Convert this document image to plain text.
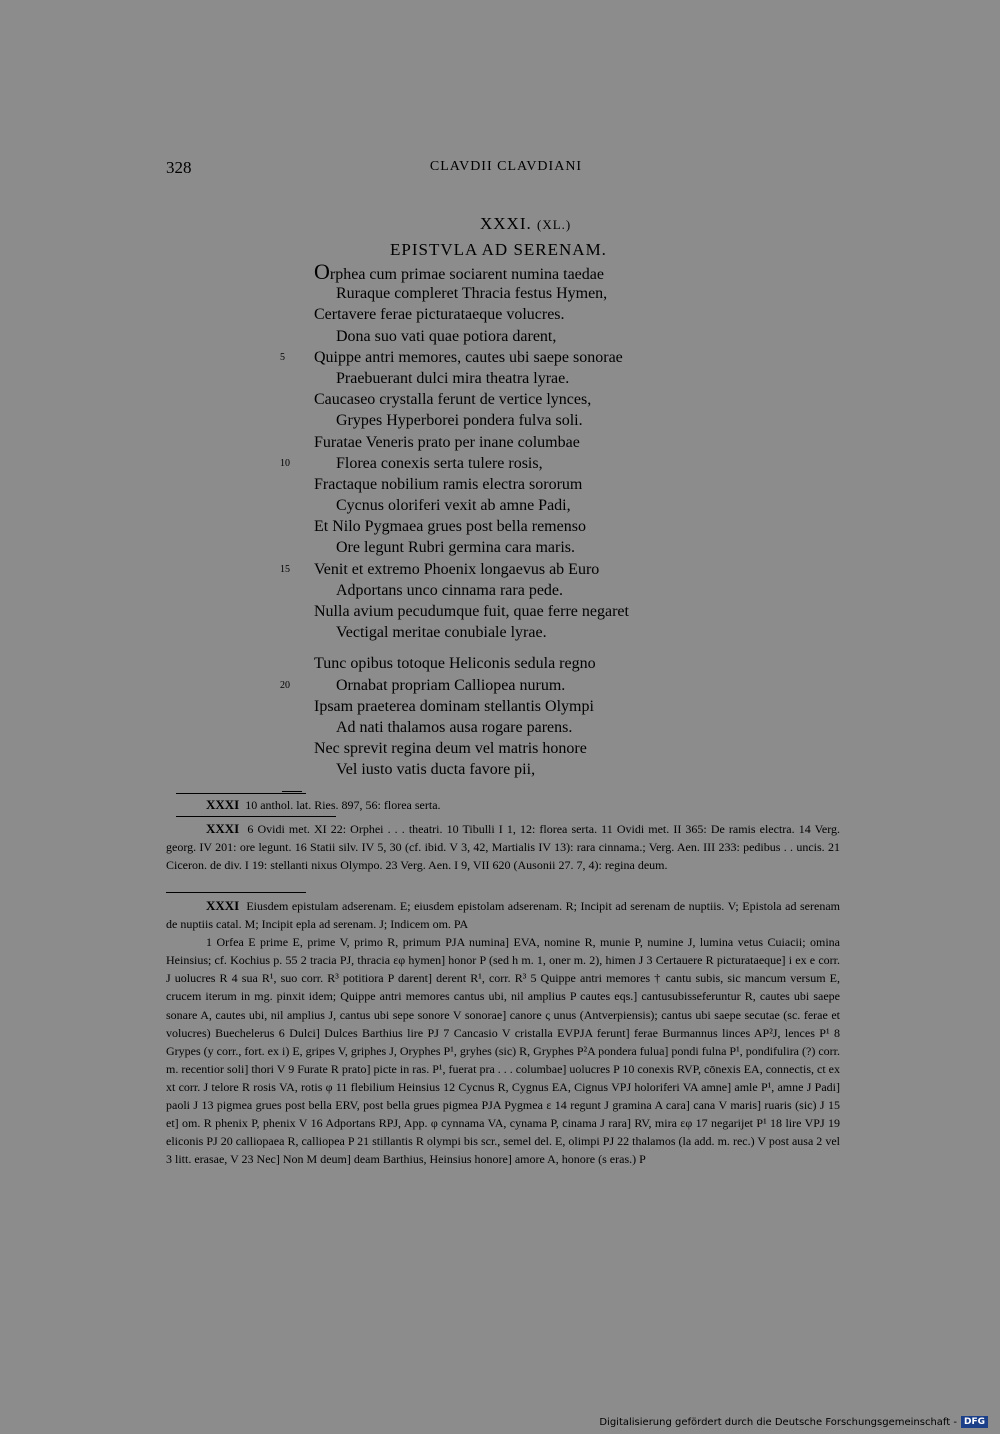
328	CLAVDII CLAVDIANI
XXXI. (XL.)
EPISTVLA AD SERENAM.
Orphea cum primae sociarent numina taedae
Ruraque compleret Thracia festus Hymen,
Certavere ferae picturataeque volucres.
Dona suo vati quae potiora darent,
5	Quippe antri memores, cautes ubi saepe sonorae
Praebuerant dulci mira theatra lyrae.
Caucaseo crystalla ferunt de vertice lynces,
Grypes Hyperborei pondera fulva soli.
Furatae Veneris prato per inane columbae
10	Florea conexis serta tulere rosis,
Fractaque nobilium ramis electra sororum
Cycnus oloriferi vexit ab amne Padi,
Et Nilo Pygmaea grues post bella remenso
Ore legunt Rubri germina cara maris.
15	Venit et extremo Phoenix longaevus ab Euro
Adportans unco cinnama rara pede.
Nulla avium pecudumque fuit, quae ferre negaret
Vectigal meritae conubiale lyrae.
Tunc opibus totoque Heliconis sedula regno
20	Ornabat propriam Calliopea nurum.
Ipsam praeterea dominam stellantis Olympi
Ad nati thalamos ausa rogare parens.
Nec sprevit regina deum vel matris honore
Vel iusto vatis ducta favore pii,

XXXI 10 anthol. lat. Ries. 897, 56: florea serta.

XXXI 6 Ovidi met. XI 22: Orphei . . . theatri. 10 Tibulli I 1, 12: florea serta. 11 Ovidi met. II 365: De ramis electra. 14 Verg. georg. IV 201: ore legunt. 16 Statii silv. IV 5, 30 (cf. ibid. V 3, 42, Martialis IV 13): rara cinnama.; Verg. Aen. III 233: pedibus . . uncis. 21 Ciceron. de div. I 19: stellanti nixus Olympo. 23 Verg. Aen. I 9, VII 620 (Ausonii 27. 7, 4): regina deum.

XXXI Eiusdem epistulam adserenam. E; eiusdem epistolam adserenam. R; Incipit ad serenam de nuptiis. V; Epistola ad serenam de nuptiis catal. M; Incipit epla ad serenam. J; Indicem om. PA

1 Orfea E prime E, prime V, primo R, primum PJA numina] EVA, nomine R, munie P, numine J, lumina vetus Cuiacii; omina Heinsius; cf. Kochius p. 55 2 tracia PJ, thracia εφ hymen] honor P (sed h m. 1, oner m. 2), himen J 3 Certauere R picturataeque] i ex e corr. J uolucres R 4 sua R¹, suo corr. R³ potitiora P darent] derent R¹, corr. R³ 5 Quippe antri memores † cantu subis, sic mancum versum E, crucem iterum in mg. pinxit idem; Quippe antri memores cantus ubi, nil amplius P cautes eqs.] cantusubisseferuntur R, cautes ubi saepe sonare A, cautes ubi, nil amplius J, cantus ubi sepe sonore V sonorae] canore ς unus (Antverpiensis); cantus ubi saepe secutae (sc. ferae et volucres) Buechelerus 6 Dulci] Dulces Barthius lire PJ 7 Cancasio V cristalla EVPJA ferunt] ferae Burmannus linces AP²J, lences P¹ 8 Grypes (y corr., fort. ex i) E, gripes V, griphes J, Oryphes P¹, gryhes (sic) R, Gryphes P²A pondera fulua] pondi fulna P¹, pondifulira (?) corr. m. recentior soli] thori V 9 Furate R prato] picte in ras. P¹, fuerat pra . . . columbae] uolucres P 10 conexis RVP, cōnexis EA, connectis, ct ex xt corr. J telore R rosis VA, rotis φ 11 flebilium Heinsius 12 Cycnus R, Cygnus EA, Cignus VPJ holoriferi VA amne] amle P¹, amne J Padi] paoli J 13 pigmea grues post bella ERV, post bella grues pigmea PJA Pygmea ε 14 regunt J gramina A cara] cana V maris] ruaris (sic) J 15 et] om. R phenix P, phenix V 16 Adportans RPJ, App. φ cynnama VA, cynama P, cinama J rara] RV, mira εφ 17 negarijet P¹ 18 lire VPJ 19 eliconis PJ 20 calliopaea R, calliopea P 21 stillantis R olympi bis scr., semel del. E, olimpi PJ 22 thalamos (la add. m. rec.) V post ausa 2 vel 3 litt. erasae, V 23 Nec] Non M deum] deam Barthius, Heinsius honore] amore A, honore (s eras.) P

Digitalisierung gefördert durch die Deutsche Forschungsgemeinschaft - DFG
